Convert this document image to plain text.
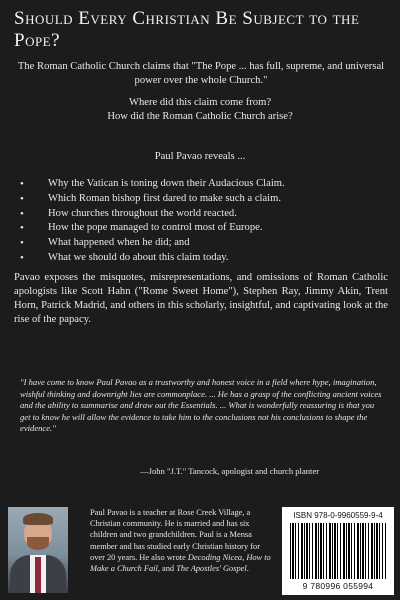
Should Every Christian Be Subject to the Pope?

The Roman Catholic Church claims that "The Pope ... has full, supreme, and universal power over the whole Church."

Where did this claim come from?

How did the Roman Catholic Church arise?

Paul Pavao reveals ...

• Why the Vatican is toning down their Audacious Claim.
• Which Roman bishop first dared to make such a claim.
• How churches throughout the world reacted.
• How the pope managed to control most of Europe.
• What happened when he did; and
• What we should do about this claim today.

Pavao exposes the misquotes, misrepresentations, and omissions of Roman Catholic apologists like Scott Hahn ("Rome Sweet Home"), Stephen Ray, Jimmy Akin, Trent Horn, Patrick Madrid, and others in this scholarly, insightful, and captivating look at the rise of the papacy.

"I have come to know Paul Pavao as a trustworthy and honest voice in a field where hype, imagination, wishful thinking and downright lies are commonplace. ... He has a grasp of the conflicting ancient voices and the ability to summarise and draw out the Essentials. ... What is wonderfully reassuring is that you get to know he will allow the evidence to take him to the conclusions not his conclusions to shape the evidence."

—John "J.T." Tancock, apologist and church planter

Paul Pavao is a teacher at Rose Creek Village, a Christian community. He is married and has six children and two grandchildren. Paul is a Mensa member and has studied early Christian history for over 20 years. He also wrote Decoding Nicea, How to Make a Church Fail, and The Apostles' Gospel.

ISBN 978-0-9960559-9-4
9 780996 055994
